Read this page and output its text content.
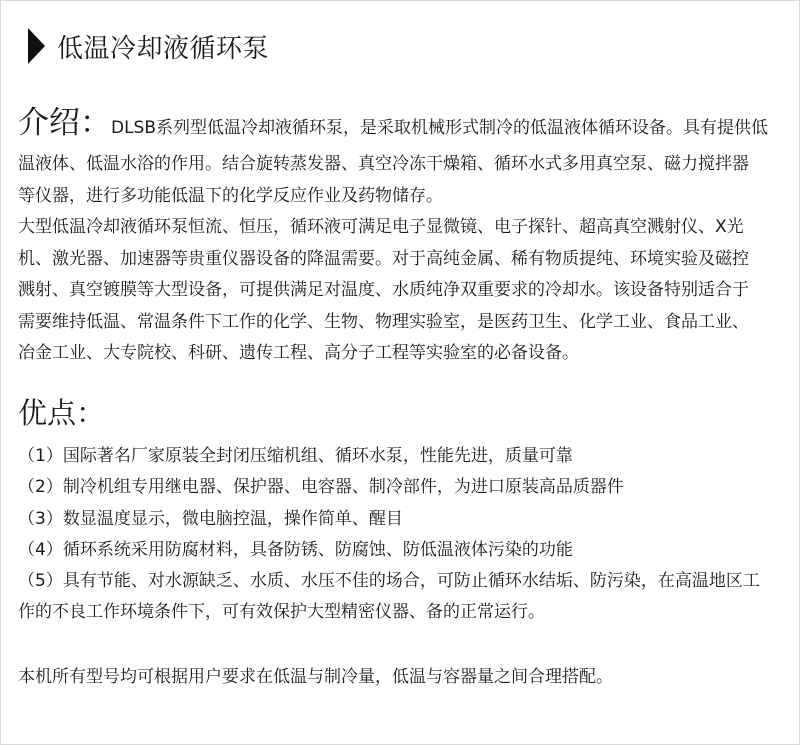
低温冷却液循环泵
介绍：DLSB系列型低温冷却液循环泵，是采取机械形式制冷的低温液体循环设备。具有提供低
温液体、低温水浴的作用。结合旋转蒸发器、真空冷冻干燥箱、循环水式多用真空泵、磁力搅拌器
等仪器，进行多功能低温下的化学反应作业及药物储存。
大型低温冷却液循环泵恒流、恒压，循环液可满足电子显微镜、电子探针、超高真空溅射仪、X光
机、激光器、加速器等贵重仪器设备的降温需要。对于高纯金属、稀有物质提纯、环境实验及磁控
溅射、真空镀膜等大型设备，可提供满足对温度、水质纯净双重要求的冷却水。该设备特别适合于
需要维持低温、常温条件下工作的化学、生物、物理实验室，是医药卫生、化学工业、食品工业、
冶金工业、大专院校、科研、遗传工程、高分子工程等实验室的必备设备。
优点：
（1）国际著名厂家原装全封闭压缩机组、循环水泵，性能先进，质量可靠
（2）制冷机组专用继电器、保护器、电容器、制冷部件，为进口原装高品质器件
（3）数显温度显示，微电脑控温，操作简单、醒目
（4）循环系统采用防腐材料，具备防锈、防腐蚀、防低温液体污染的功能
（5）具有节能、对水源缺乏、水质、水压不佳的场合，可防止循环水结垢、防污染，在高温地区工
作的不良工作环境条件下，可有效保护大型精密仪器、备的正常运行。
本机所有型号均可根据用户要求在低温与制冷量，低温与容器量之间合理搭配。
